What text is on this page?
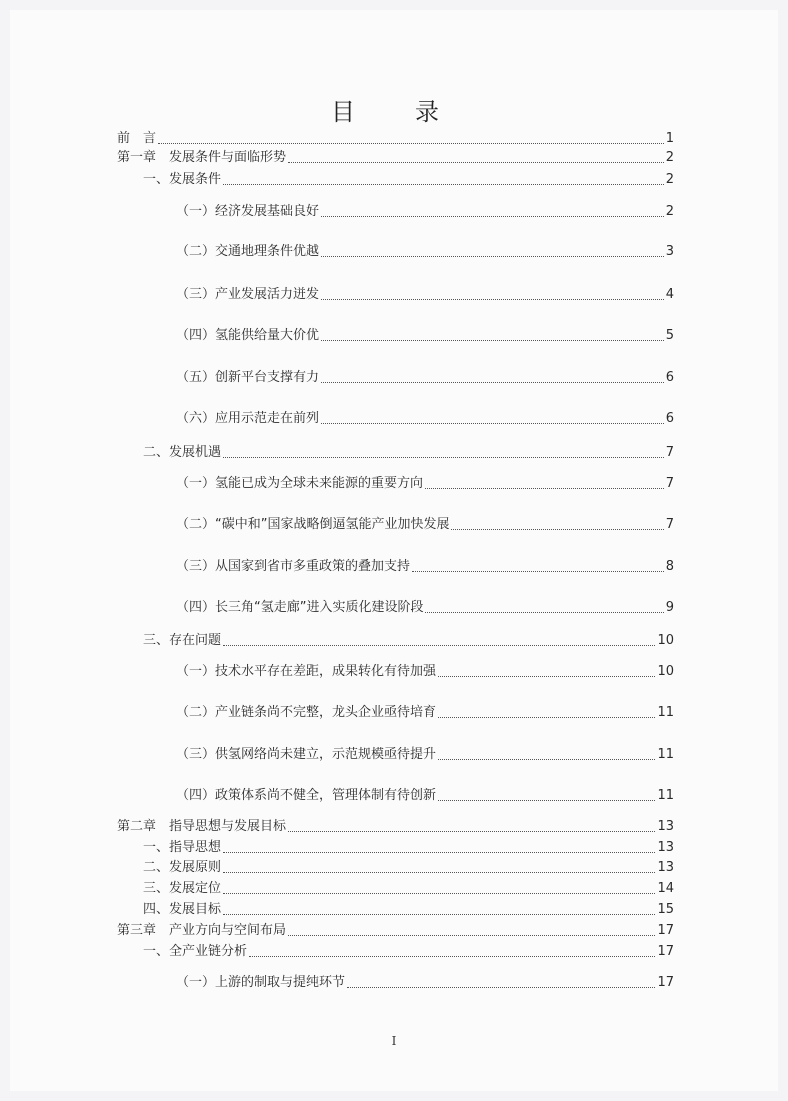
目　录
前　言	1
第一章　发展条件与面临形势	2
一、发展条件	2
（一）经济发展基础良好	2
（二）交通地理条件优越	3
（三）产业发展活力迸发	4
（四）氢能供给量大价优	5
（五）创新平台支撑有力	6
（六）应用示范走在前列	6
二、发展机遇	7
（一）氢能已成为全球未来能源的重要方向	7
（二）“碳中和”国家战略倒逼氢能产业加快发展	7
（三）从国家到省市多重政策的叠加支持	8
（四）长三角“氢走廊”进入实质化建设阶段	9
三、存在问题	10
（一）技术水平存在差距，成果转化有待加强	10
（二）产业链条尚不完整，龙头企业亟待培育	11
（三）供氢网络尚未建立，示范规模亟待提升	11
（四）政策体系尚不健全，管理体制有待创新	11
第二章　指导思想与发展目标	13
一、指导思想	13
二、发展原则	13
三、发展定位	14
四、发展目标	15
第三章　产业方向与空间布局	17
一、全产业链分析	17
（一）上游的制取与提纯环节	17
I
